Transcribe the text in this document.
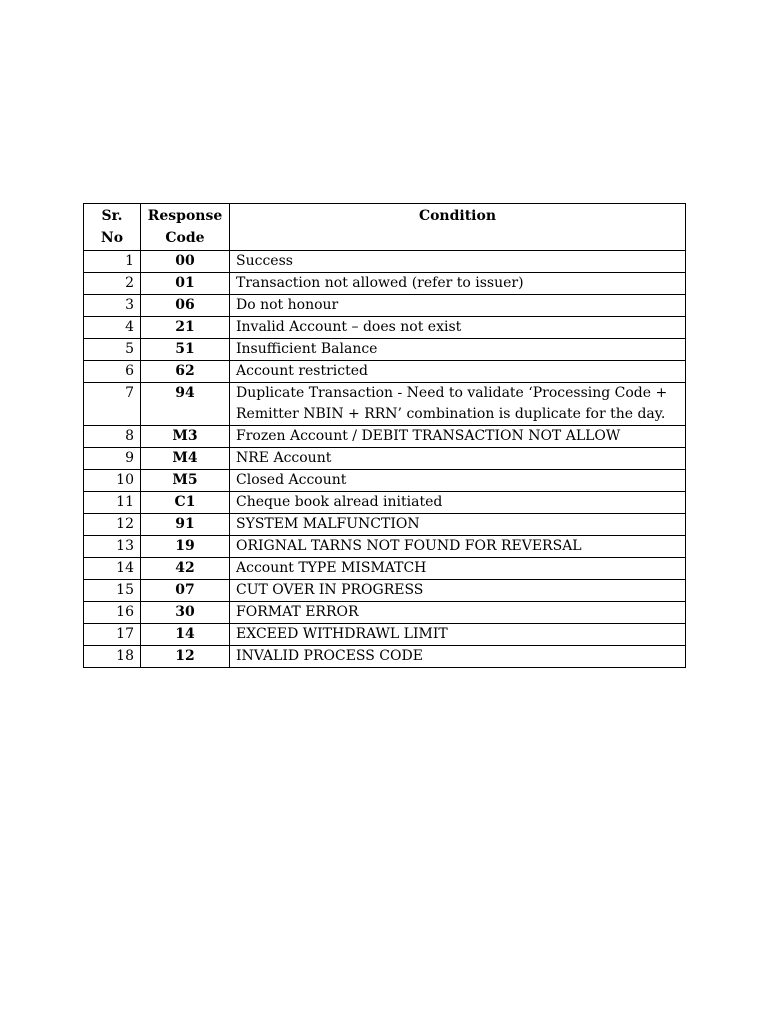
Sr. No	Response Code	Condition
1	00	Success
2	01	Transaction not allowed (refer to issuer)
3	06	Do not honour
4	21	Invalid Account – does not exist
5	51	Insufficient Balance
6	62	Account restricted
7	94	Duplicate Transaction - Need to validate ‘Processing Code + Remitter NBIN + RRN’ combination is duplicate for the day.
8	M3	Frozen Account / DEBIT TRANSACTION NOT ALLOW
9	M4	NRE Account
10	M5	Closed Account
11	C1	Cheque book alread initiated
12	91	SYSTEM MALFUNCTION
13	19	ORIGNAL TARNS NOT FOUND FOR REVERSAL
14	42	Account TYPE MISMATCH
15	07	CUT OVER IN PROGRESS
16	30	FORMAT ERROR
17	14	EXCEED WITHDRAWL LIMIT
18	12	INVALID PROCESS CODE
